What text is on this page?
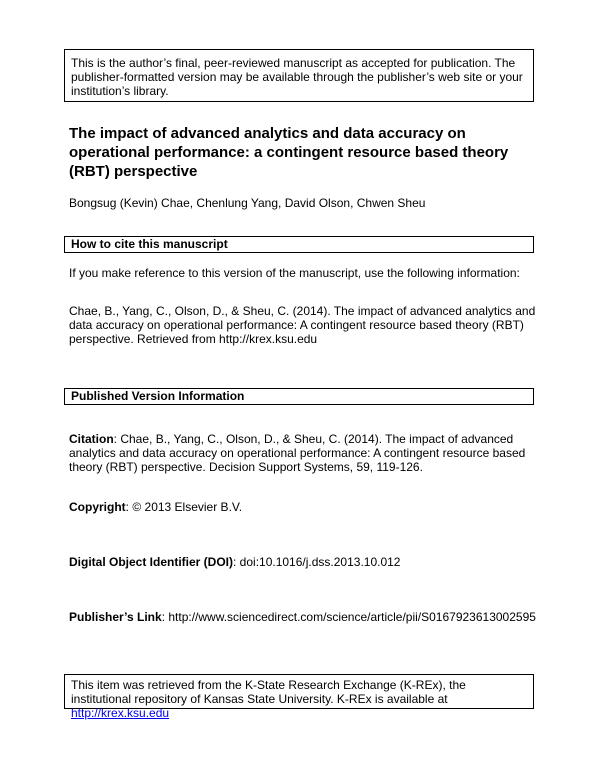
This is the author’s final, peer-reviewed manuscript as accepted for publication. The publisher-formatted version may be available through the publisher’s web site or your institution’s library.
The impact of advanced analytics and data accuracy on operational performance: a contingent resource based theory (RBT) perspective
Bongsug (Kevin) Chae, Chenlung Yang, David Olson, Chwen Sheu
How to cite this manuscript

If you make reference to this version of the manuscript, use the following information:

Chae, B., Yang, C., Olson, D., & Sheu, C. (2014). The impact of advanced analytics and data accuracy on operational performance: A contingent resource based theory (RBT) perspective. Retrieved from http://krex.ksu.edu

Published Version Information

Citation: Chae, B., Yang, C., Olson, D., & Sheu, C. (2014). The impact of advanced analytics and data accuracy on operational performance: A contingent resource based theory (RBT) perspective. Decision Support Systems, 59, 119-126.

Copyright: © 2013 Elsevier B.V.

Digital Object Identifier (DOI): doi:10.1016/j.dss.2013.10.012

Publisher’s Link: http://www.sciencedirect.com/science/article/pii/S0167923613002595

This item was retrieved from the K-State Research Exchange (K-REx), the institutional repository of Kansas State University. K-REx is available at http://krex.ksu.edu
